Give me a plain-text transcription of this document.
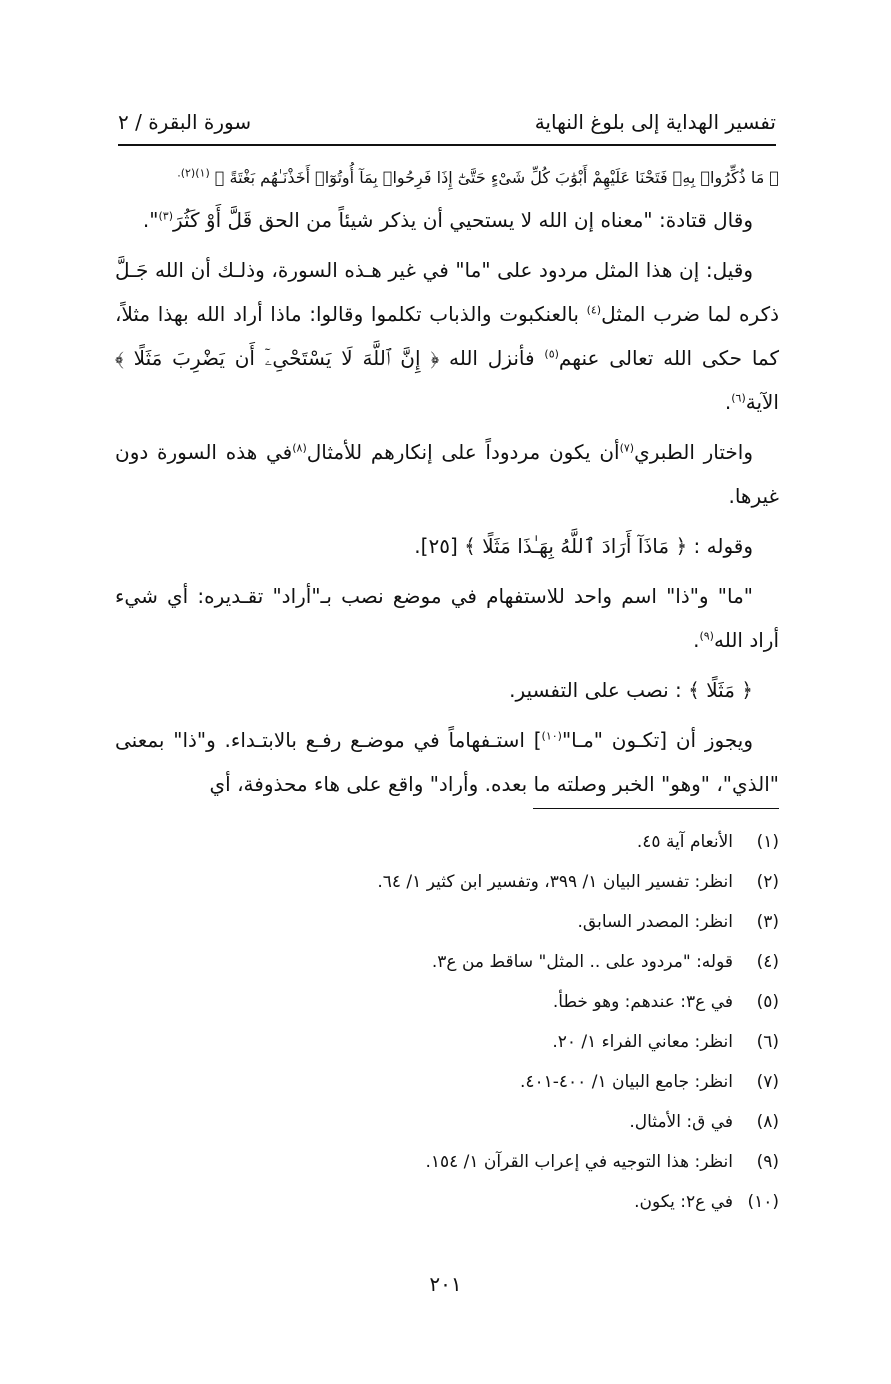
تفسير الهداية إلى بلوغ النهاية
سورة البقرة / ٢
﴿ مَا ذُكِّرُوا۟ بِهِۦ فَتَحْنَا عَلَيْهِمْ أَبْوَٰبَ كُلِّ شَىْءٍ حَتَّىٰٓ إِذَا فَرِحُوا۟ بِمَآ أُوتُوٓا۟ أَخَذْنَـٰهُم بَغْتَةً ﴾ $^{(١)(٢).}$

وقال قتادة: "معناه إن الله لا يستحيي أن يذكر شيئاً من الحق قَلَّ أَوْ كَثُرَ$^{(٣)}$".

وقيل: إن هذا المثل مردود على "ما" في غير هـذه السورة، وذلـك أن الله جَـلَّ ذكره لما ضرب المثل$^{(٤)}$ بالعنكبوت والذباب تكلموا وقالوا: ماذا أراد الله بهذا مثلاً، كما حكى الله تعالى عنهم$^{(٥)}$ فأنزل الله ﴿ إِنَّ ٱللَّهَ لَا يَسْتَحْىِۦٓ أَن يَضْرِبَ مَثَلًا ﴾ الآية$^{(٦)}$.

واختار الطبري$^{(٧)}$أن يكون مردوداً على إنكارهم للأمثال$^{(٨)}$في هذه السورة دون غيرها.

وقوله : ﴿ مَاذَآ أَرَادَ ٱللَّهُ بِهَـٰذَا مَثَلًا ﴾ [٢٥].

"ما" و"ذا" اسم واحد للاستفهام في موضع نصب بـ"أراد" تقـديره: أي شيء أراد الله$^{(٩)}$.

﴿ مَثَلًا ﴾ : نصب على التفسير.

ويجوز أن [تكـون "مـا"$^{(١٠)}$] استـفهاماً في موضـع رفـع بالابتـداء. و"ذا" بمعنى "الذي"، "وهو" الخبر وصلته ما بعده. وأراد" واقع على هاء محذوفة، أي

(١)
الأنعام آية ٤٥.
(٢)
انظر: تفسير البيان ١/ ٣٩٩، وتفسير ابن كثير ١/ ٦٤.
(٣)
انظر: المصدر السابق.
(٤)
قوله: "مردود على .. المثل" ساقط من ع٣.
(٥)
في ع٣: عندهم: وهو خطأ.
(٦)
انظر: معاني الفراء ١/ ٢٠.
(٧)
انظر: جامع البيان ١/ ٤٠٠-٤٠١.
(٨)
في ق: الأمثال.
(٩)
انظر: هذا التوجيه في إعراب القرآن ١/ ١٥٤.
(١٠)
في ع٢: يكون.
٢٠١
